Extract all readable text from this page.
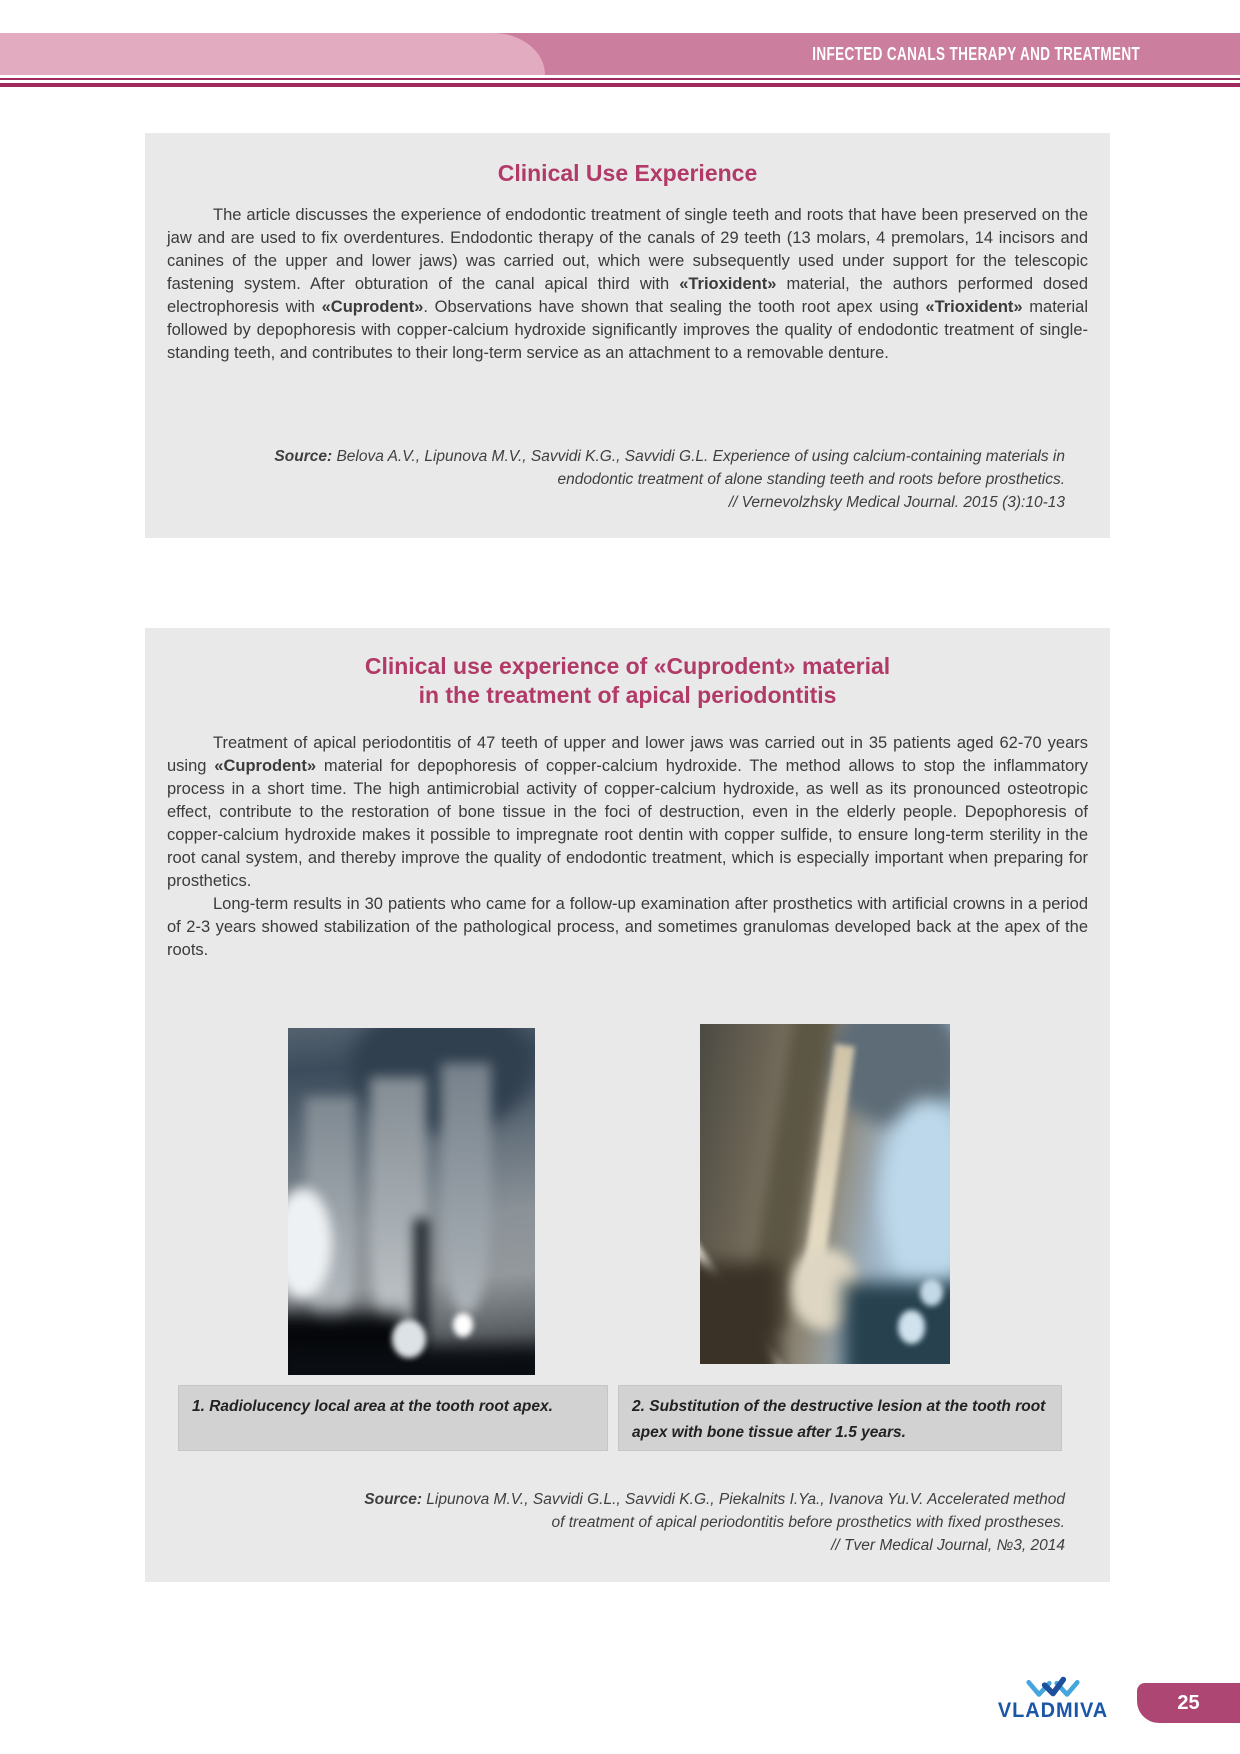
INFECTED CANALS THERAPY AND TREATMENT
Clinical Use Experience

The article discusses the experience of endodontic treatment of single teeth and roots that have been preserved on the jaw and are used to fix overdentures. Endodontic therapy of the canals of 29 teeth (13 molars, 4 premolars, 14 incisors and canines of the upper and lower jaws) was carried out, which were subsequently used under support for the telescopic fastening system. After obturation of the canal apical third with «Trioxident» material, the authors performed dosed electrophoresis with «Cuprodent». Observations have shown that sealing the tooth root apex using «Trioxident» material followed by depophoresis with copper-calcium hydroxide significantly improves the quality of endodontic treatment of single-standing teeth, and contributes to their long-term service as an attachment to a removable denture.

Source: Belova A.V., Lipunova M.V., Savvidi K.G., Savvidi G.L. Experience of using calcium-containing materials in
endodontic treatment of alone standing teeth and roots before prosthetics.
// Vernevolzhsky Medical Journal. 2015 (3):10-13
Clinical use experience of «Cuprodent» material
in the treatment of apical periodontitis

Treatment of apical periodontitis of 47 teeth of upper and lower jaws was carried out in 35 patients aged 62-70 years using «Cuprodent» material for depophoresis of copper-calcium hydroxide. The method allows to stop the inflammatory process in a short time. The high antimicrobial activity of copper-calcium hydroxide, as well as its pronounced osteotropic effect, contribute to the restoration of bone tissue in the foci of destruction, even in the elderly people. Depophoresis of copper-calcium hydroxide makes it possible to impregnate root dentin with copper sulfide, to ensure long-term sterility in the root canal system, and thereby improve the quality of endodontic treatment, which is especially important when preparing for prosthetics.

Long-term results in 30 patients who came for a follow-up examination after prosthetics with artificial crowns in a period of 2-3 years showed stabilization of the pathological process, and sometimes granulomas developed back at the apex of the roots.

1. Radiolucency local area at the tooth root apex.	2. Substitution of the destructive lesion at the tooth root apex with bone tissue after 1.5 years.
Source: Lipunova M.V., Savvidi G.L., Savvidi K.G., Piekalnits I.Ya., Ivanova Yu.V. Accelerated method
of treatment of apical periodontitis before prosthetics with fixed prostheses.
// Tver Medical Journal, №3, 2014
VLADMIVA	25
